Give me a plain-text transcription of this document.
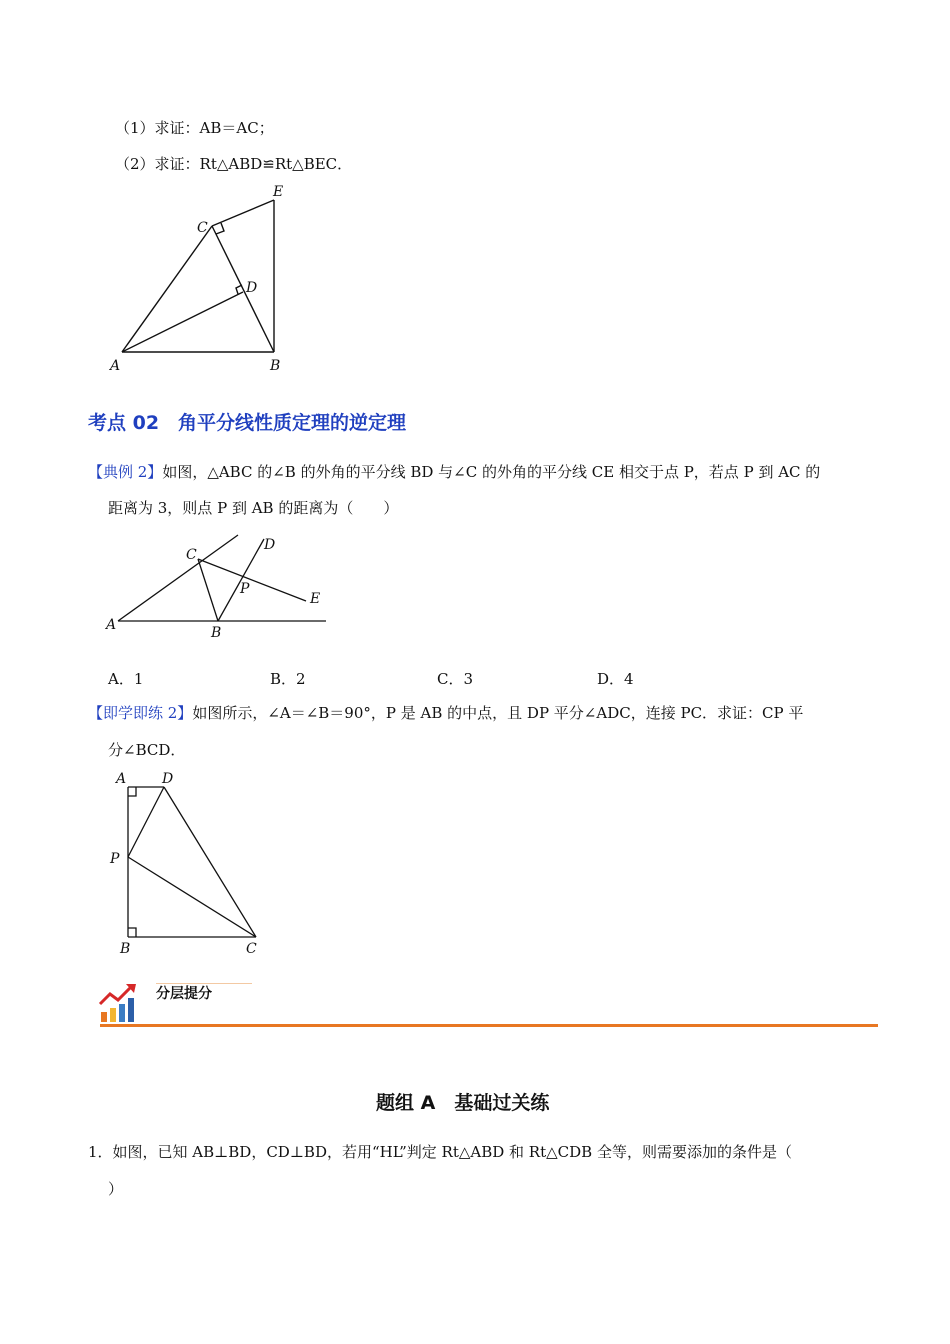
（1）求证：AB＝AC；
（2）求证：Rt△ABD≌Rt△BEC．
A	B
C
D
E
考点 02　角平分线性质定理的逆定理
【典例 2】如图，△ABC 的∠B 的外角的平分线 BD 与∠C 的外角的平分线 CE 相交于点 P，若点 P 到 AC 的
距离为 3，则点 P 到 AB 的距离为（　　）
A	B
C
D
E
P
A．1	B．2	C．3	D．4
【即学即练 2】如图所示，∠A＝∠B＝90°，P 是 AB 的中点，且 DP 平分∠ADC，连接 PC．求证：CP 平
分∠BCD．
A	D
P
B	C
分层提分
题组 A　基础过关练
1．如图，已知 AB⊥BD，CD⊥BD，若用“HL”判定 Rt△ABD 和 Rt△CDB 全等，则需要添加的条件是（
）
